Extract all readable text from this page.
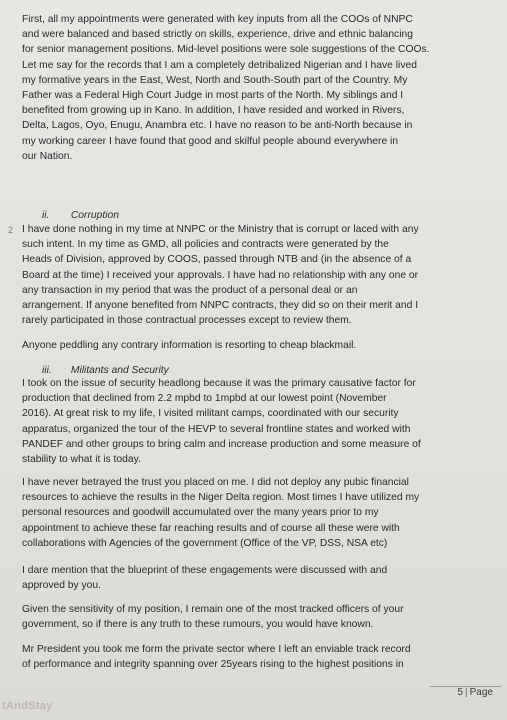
2
First, all my appointments were generated with key inputs from all the COOs of NNPC
and were balanced and based strictly on skills, experience, drive and ethnic balancing
for senior management positions. Mid-level positions were sole suggestions of the COOs.
Let me say for the records that I am a completely detribalized Nigerian and I have lived
my formative years in the East, West, North and South-South part of the Country. My
Father was a Federal High Court Judge in most parts of the North. My siblings and I
benefited from growing up in Kano. In addition, I have resided and worked in Rivers,
Delta, Lagos, Oyo, Enugu, Anambra etc. I have no reason to be anti-North because in
my working career I have found that good and skilful people abound everywhere in
our Nation.
ii. Corruption
I have done nothing in my time at NNPC or the Ministry that is corrupt or laced with any
such intent. In my time as GMD, all policies and contracts were generated by the
Heads of Division, approved by COOS, passed through NTB and (in the absence of a
Board at the time) I received your approvals. I have had no relationship with any one or
any transaction in my period that was the product of a personal deal or an
arrangement. If anyone benefited from NNPC contracts, they did so on their merit and I
rarely participated in those contractual processes except to review them.
Anyone peddling any contrary information is resorting to cheap blackmail.
iii. Militants and Security
I took on the issue of security headlong because it was the primary causative factor for
production that declined from 2.2 mpbd to 1mpbd at our lowest point (November
2016). At great risk to my life, I visited militant camps, coordinated with our security
apparatus, organized the tour of the HEVP to several frontline states and worked with
PANDEF and other groups to bring calm and increase production and some measure of
stability to what it is today.
I have never betrayed the trust you placed on me. I did not deploy any pubic financial
resources to achieve the results in the Niger Delta region. Most times I have utilized my
personal resources and goodwill accumulated over the many years prior to my
appointment to achieve these far reaching results and of course all these were with
collaborations with Agencies of the government (Office of the VP, DSS, NSA etc)
I dare mention that the blueprint of these engagements were discussed with and
approved by you.
Given the sensitivity of my position, I remain one of the most tracked officers of your
government, so if there is any truth to these rumours, you would have known.
Mr President you took me form the private sector where I left an enviable track record
of performance and integrity spanning over 25years rising to the highest positions in
5 | Page
tAndStay
